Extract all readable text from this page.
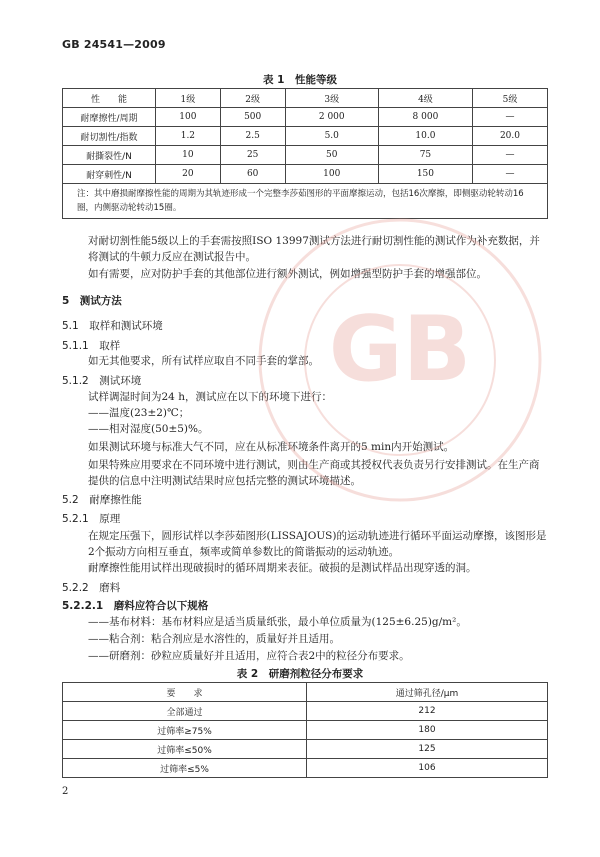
GB 24541—2009
表 1　性能等级
性　　能	1级	2级	3级	4级	5级
耐摩擦性/周期	100	500	2 000	8 000	—
耐切割性/指数	1.2	2.5	5.0	10.0	20.0
耐撕裂性/N	10	25	50	75	—
耐穿刺性/N	20	60	100	150	—
注：其中磨损耐摩擦性能的周期为其轨迹形成一个完整李莎茹图形的平面摩擦运动，包括16次摩擦，即侧驱动轮转动16圈，内侧驱动轮转动15圈。					
对耐切割性能5级以上的手套需按照ISO 13997测试方法进行耐切割性能的测试作为补充数据，并将测试的牛顿力反应在测试报告中。
如有需要，应对防护手套的其他部位进行额外测试，例如增强型防护手套的增强部位。
5　测试方法
5.1　取样和测试环境
5.1.1　取样
如无其他要求，所有试样应取自不同手套的掌部。
5.1.2　测试环境
试样调湿时间为24 h，测试应在以下的环境下进行：
——温度(23±2)℃；
——相对湿度(50±5)%。
如果测试环境与标准大气不同，应在从标准环境条件离开的5 min内开始测试。
如果特殊应用要求在不同环境中进行测试，则由生产商或其授权代表负责另行安排测试。在生产商提供的信息中注明测试结果时应包括完整的测试环境描述。
5.2　耐摩擦性能
5.2.1　原理
在规定压强下，圆形试样以李莎茹图形(LISSAJOUS)的运动轨迹进行循环平面运动摩擦，该图形是2个振动方向相互垂直，频率或简单参数比的简谐振动的运动轨迹。
耐摩擦性能用试样出现破损时的循环周期来表征。破损的是测试样品出现穿透的洞。
5.2.2　磨料
5.2.2.1　磨料应符合以下规格
——基布材料：基布材料应是适当质量纸张，最小单位质量为(125±6.25)g/m²。
——粘合剂：粘合剂应是水溶性的，质量好并且适用。
——研磨剂：砂粒应质量好并且适用，应符合表2中的粒径分布要求。
表 2　研磨剂粒径分布要求
要　　求	通过筛孔径/μm
全部通过	212
过筛率≥75%	180
过筛率≤50%	125
过筛率≤5%	106
2
GB
